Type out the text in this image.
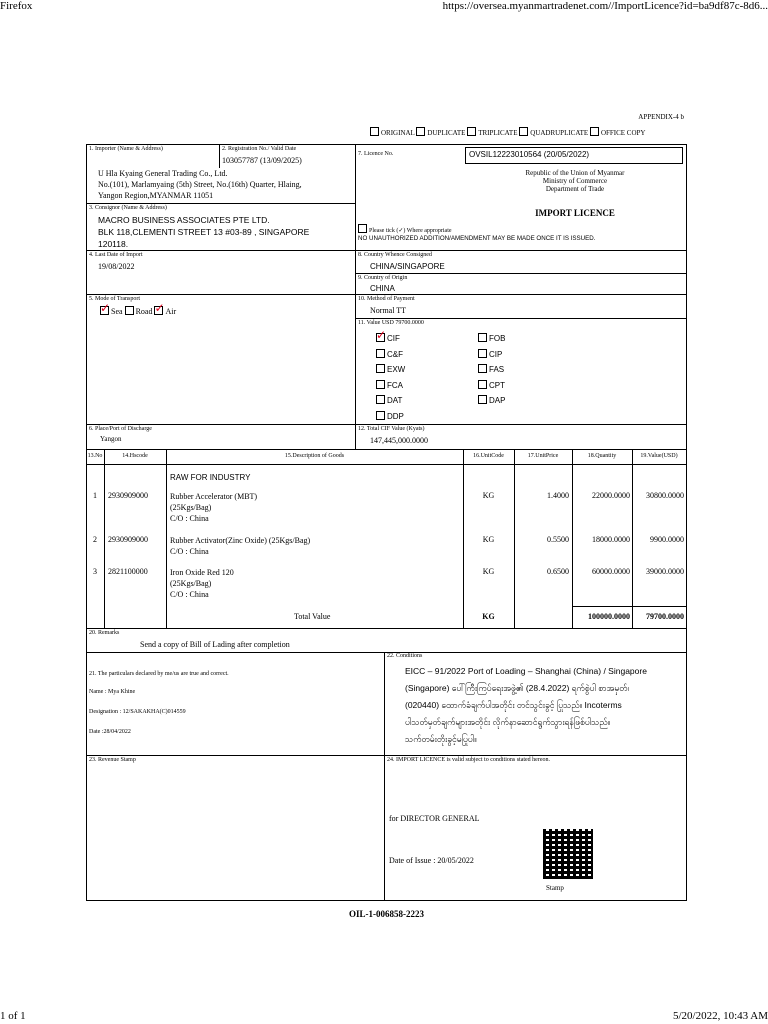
Firefox	https://oversea.myanmartradenet.com//ImportLicence?id=ba9df87c-8d6...
1 of 1	5/20/2022, 10:43 AM
APPENDIX-4 b
ORIGINAL DUPLICATE TRIPLICATE QUADRUPLICATE OFFICE COPY
1. Importer (Name & Address)
U Hla Kyaing General Trading Co., Ltd.
No.(101), Marlamyaing (5th) Street, No.(16th) Quarter, Hlaing,
Yangon Region,MYANMAR 11051
2. Registration No./ Valid Date
103057787 (13/09/2025)
3. Consignor (Name & Address)
MACRO BUSINESS ASSOCIATES PTE LTD.
BLK 118,CLEMENTI STREET 13 #03-89 , SINGAPORE
120118.
7. Licence No.	OVSIL12223010564 (20/05/2022)
Republic of the Union of Myanmar
Ministry of Commerce
Department of Trade
IMPORT LICENCE
Please tick (✓) Where appropriate
NO UNAUTHORIZED ADDITION/AMENDMENT MAY BE MADE ONCE IT IS ISSUED.
4. Last Date of Import
19/08/2022
8. Country Whence Consigned
CHINA/SINGAPORE
9. Country of Origin
CHINA
5. Mode of Transport
✓Sea Road ✓ Air
10. Method of Payment
Normal TT
11. Value USD 79700.0000
✓CIF
C&F
EXW
FCA
DAT
DDP
FOB
CIP
FAS
CPT
DAP
6. Place/Port of Discharge
Yangon
12. Total CIF Value (Kyats)
147,445,000.0000
13.No	14.Hscode	15.Description of Goods	16.UnitCode	17.UnitPrice	18.Quantity	19.Value(USD)
RAW FOR INDUSTRY
1	2930909000	Rubber Accelerator (MBT)
(25Kgs/Bag)
C/O : China
KG	1.4000	22000.0000	30800.0000
2	2930909000	Rubber Activator(Zinc Oxide) (25Kgs/Bag)
C/O : China
KG	0.5500	18000.0000	9900.0000
3	2821100000	Iron Oxide Red 120
(25Kgs/Bag)
C/O : China
KG	0.6500	60000.0000	39000.0000
Total Value	KG	100000.0000	79700.0000
20. Remarks
Send a copy of Bill of Lading after completion
21. The particulars declared by me/us are true and correct.
Name : Mya Khine
Designation : 12/SAKAKHA(C)014559
Date :28/04/2022
22. Conditions
EICC – 91/2022 Port of Loading – Shanghai (China) / Singapore
(Singapore) ပေါ်ကြီးကြပ်ရေးအဖွဲ့၏ (28.4.2022) ရက်စွဲပါ စာအမှတ်၊
(020440) ထောက်ခံချက်ပါအတိုင်း တင်သွင်းခွင့် ပြုသည်။ Incoterms
ပါသတ်မှတ်ချက်များအတိုင်း လိုက်နာဆောင်ရွက်သွားရန်ဖြစ်ပါသည်။
သက်တမ်းတိုးခွင့်မပြုပါ။
23. Revenue Stamp	24. IMPORT LICENCE is valid subject to conditions stated hereon.
for DIRECTOR GENERAL
Date of Issue : 20/05/2022
Stamp
OIL-1-006858-2223
